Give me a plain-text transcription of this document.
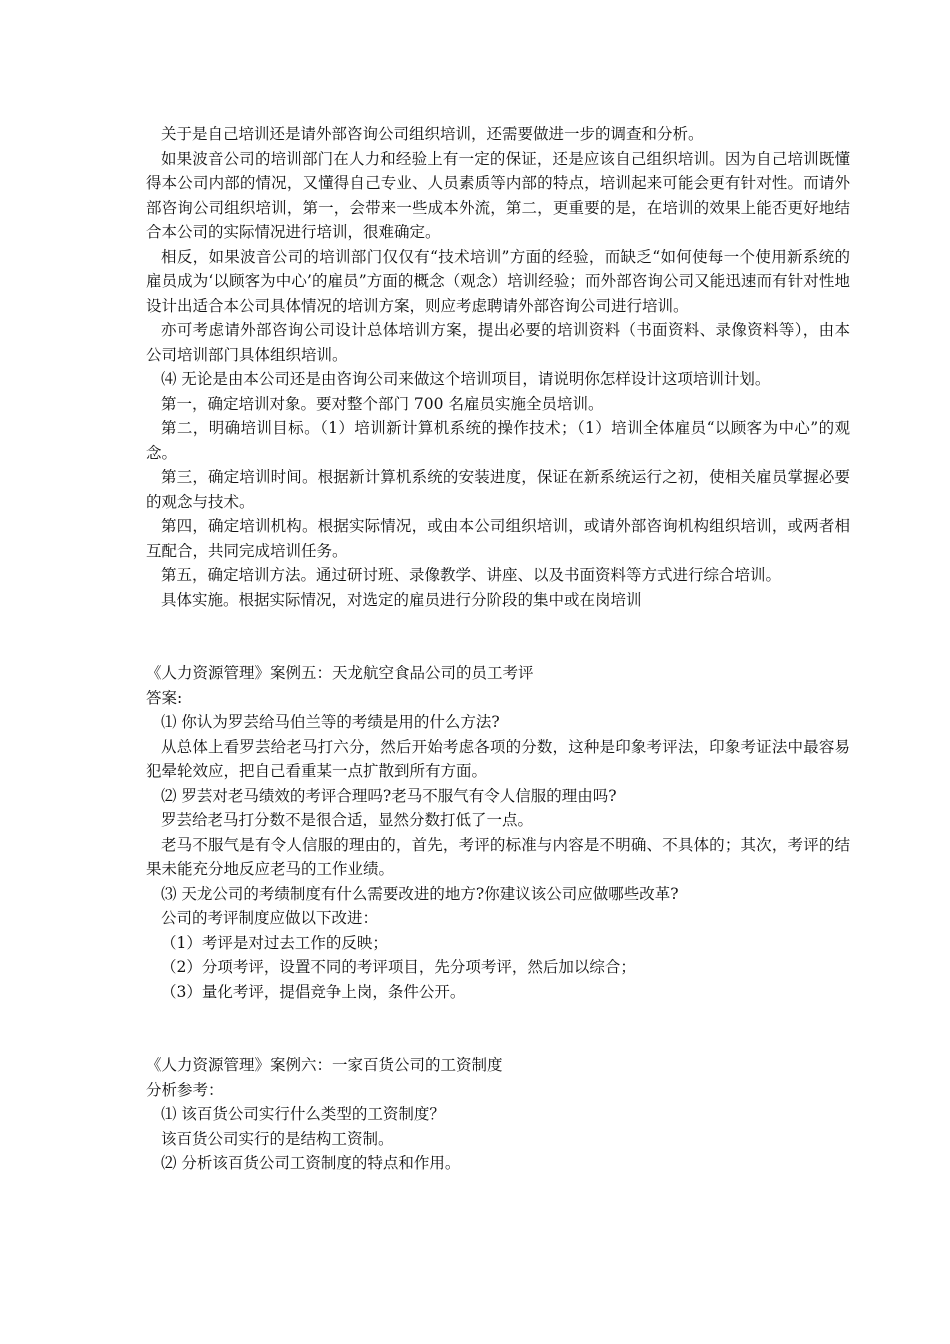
关于是自己培训还是请外部咨询公司组织培训，还需要做进一步的调查和分析。

如果波音公司的培训部门在人力和经验上有一定的保证，还是应该自己组织培训。因为自己培训既懂得本公司内部的情况，又懂得自己专业、人员素质等内部的特点，培训起来可能会更有针对性。而请外部咨询公司组织培训，第一，会带来一些成本外流，第二，更重要的是，在培训的效果上能否更好地结合本公司的实际情况进行培训，很难确定。

相反，如果波音公司的培训部门仅仅有“技术培训”方面的经验，而缺乏“如何使每一个使用新系统的雇员成为‘以顾客为中心’的雇员”方面的概念（观念）培训经验；而外部咨询公司又能迅速而有针对性地设计出适合本公司具体情况的培训方案，则应考虑聘请外部咨询公司进行培训。

亦可考虑请外部咨询公司设计总体培训方案，提出必要的培训资料（书面资料、录像资料等），由本公司培训部门具体组织培训。

⑷ 无论是由本公司还是由咨询公司来做这个培训项目，请说明你怎样设计这项培训计划。

第一，确定培训对象。要对整个部门 700 名雇员实施全员培训。

第二，明确培训目标。（1）培训新计算机系统的操作技术；（1）培训全体雇员“以顾客为中心”的观念。

第三，确定培训时间。根据新计算机系统的安装进度，保证在新系统运行之初，使相关雇员掌握必要的观念与技术。

第四，确定培训机构。根据实际情况，或由本公司组织培训，或请外部咨询机构组织培训，或两者相互配合，共同完成培训任务。

第五，确定培训方法。通过研讨班、录像教学、讲座、以及书面资料等方式进行综合培训。

具体实施。根据实际情况，对选定的雇员进行分阶段的集中或在岗培训

《人力资源管理》案例五：天龙航空食品公司的员工考评

答案:

⑴ 你认为罗芸给马伯兰等的考绩是用的什么方法?

从总体上看罗芸给老马打六分，然后开始考虑各项的分数，这种是印象考评法，印象考证法中最容易犯晕轮效应，把自己看重某一点扩散到所有方面。

⑵ 罗芸对老马绩效的考评合理吗?老马不服气有令人信服的理由吗?

罗芸给老马打分数不是很合适，显然分数打低了一点。

老马不服气是有令人信服的理由的，首先，考评的标准与内容是不明确、不具体的；其次，考评的结果未能充分地反应老马的工作业绩。

⑶ 天龙公司的考绩制度有什么需要改进的地方?你建议该公司应做哪些改革?

公司的考评制度应做以下改进：

（1）考评是对过去工作的反映；

（2）分项考评，设置不同的考评项目，先分项考评，然后加以综合；

（3）量化考评，提倡竞争上岗，条件公开。

《人力资源管理》案例六：一家百货公司的工资制度

分析参考：

⑴ 该百货公司实行什么类型的工资制度？

该百货公司实行的是结构工资制。

⑵ 分析该百货公司工资制度的特点和作用。
